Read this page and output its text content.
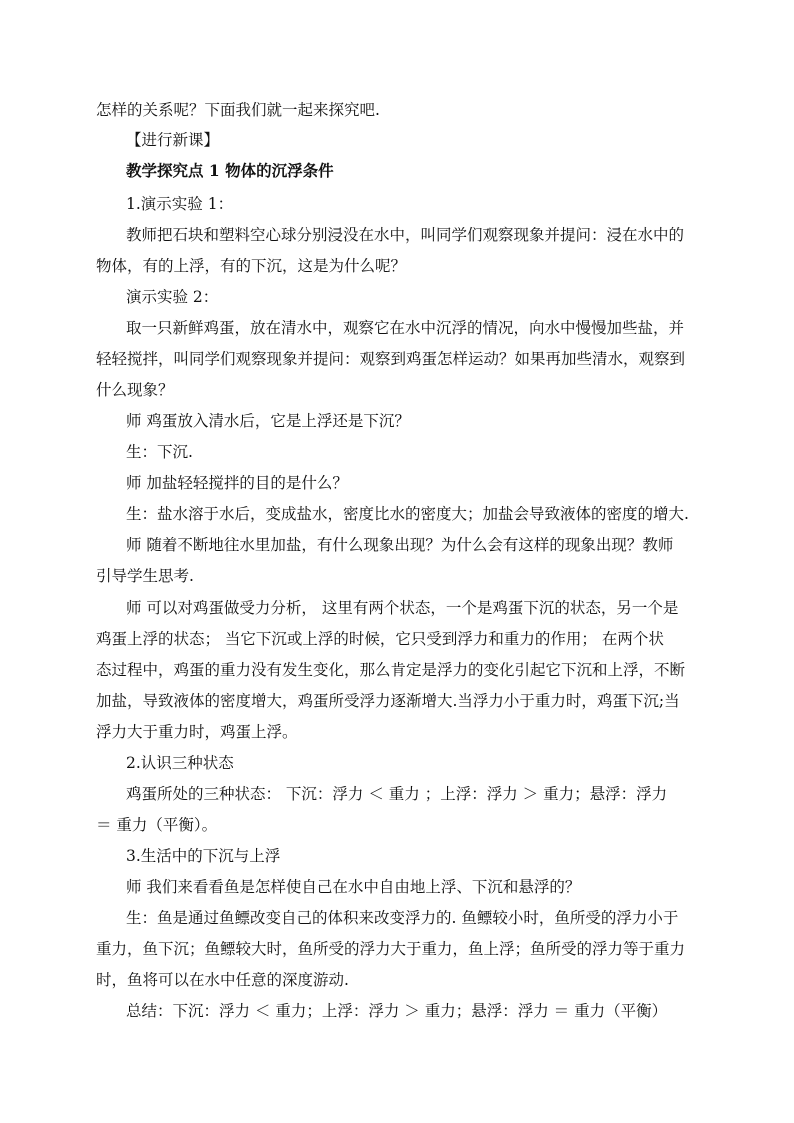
怎样的关系呢？下面我们就一起来探究吧.
【进行新课】
教学探究点 1 物体的沉浮条件
1.演示实验 1：
教师把石块和塑料空心球分别浸没在水中，叫同学们观察现象并提问：浸在水中的
物体，有的上浮，有的下沉，这是为什么呢？
演示实验 2：
取一只新鲜鸡蛋，放在清水中，观察它在水中沉浮的情况，向水中慢慢加些盐，并
轻轻搅拌，叫同学们观察现象并提问：观察到鸡蛋怎样运动？如果再加些清水，观察到
什么现象？
师 鸡蛋放入清水后，它是上浮还是下沉？
生：下沉.
师 加盐轻轻搅拌的目的是什么？
生：盐水溶于水后，变成盐水，密度比水的密度大；加盐会导致液体的密度的增大.
师 随着不断地往水里加盐，有什么现象出现？为什么会有这样的现象出现？教师
引导学生思考.
师 可以对鸡蛋做受力分析， 这里有两个状态，一个是鸡蛋下沉的状态，另一个是
鸡蛋上浮的状态； 当它下沉或上浮的时候，它只受到浮力和重力的作用； 在两个状
态过程中，鸡蛋的重力没有发生变化，那么肯定是浮力的变化引起它下沉和上浮，不断
加盐，导致液体的密度增大，鸡蛋所受浮力逐渐增大.当浮力小于重力时，鸡蛋下沉;当
浮力大于重力时，鸡蛋上浮。
2.认识三种状态
鸡蛋所处的三种状态： 下沉：浮力 ＜ 重力 ；上浮：浮力 ＞ 重力；悬浮：浮力
＝ 重力（平衡）。
3.生活中的下沉与上浮
师 我们来看看鱼是怎样使自己在水中自由地上浮、下沉和悬浮的？
生：鱼是通过鱼鳔改变自己的体积来改变浮力的. 鱼鳔较小时，鱼所受的浮力小于
重力，鱼下沉；鱼鳔较大时，鱼所受的浮力大于重力，鱼上浮；鱼所受的浮力等于重力
时，鱼将可以在水中任意的深度游动.
总结：下沉：浮力 ＜ 重力；上浮：浮力 ＞ 重力；悬浮：浮力 ＝ 重力（平衡）
